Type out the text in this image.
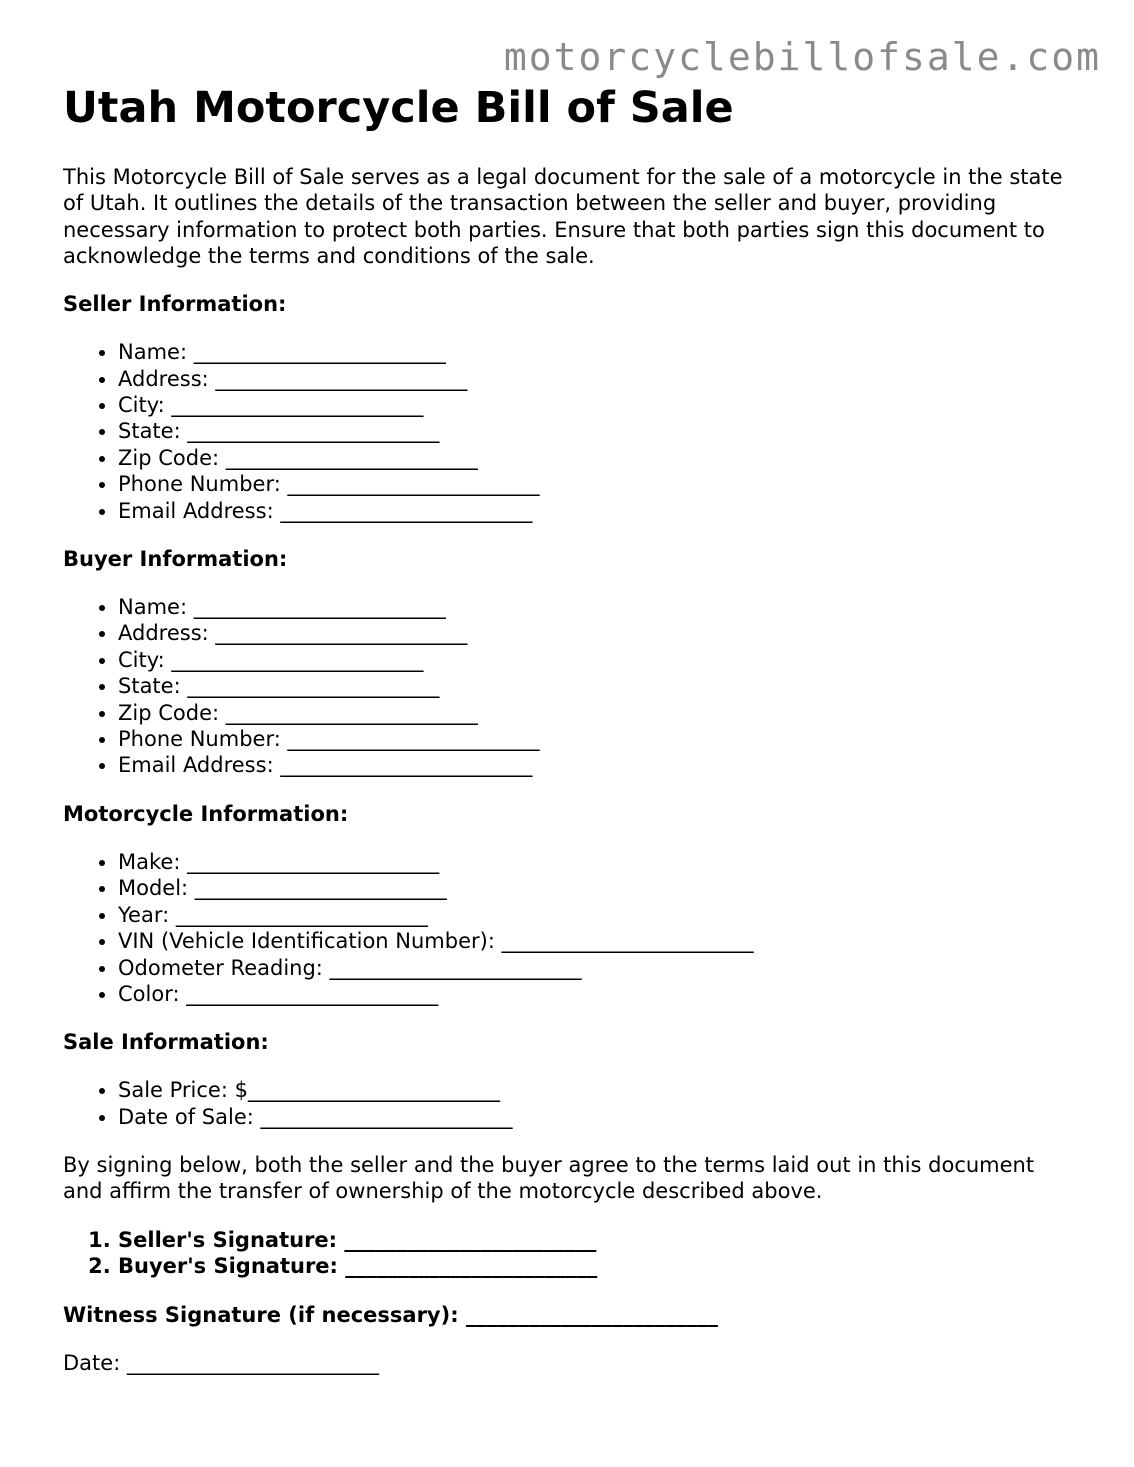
motorcyclebillofsale.com
Utah Motorcycle Bill of Sale

This Motorcycle Bill of Sale serves as a legal document for the sale of a motorcycle in the state of Utah. It outlines the details of the transaction between the seller and buyer, providing necessary information to protect both parties. Ensure that both parties sign this document to acknowledge the terms and conditions of the sale.

Seller Information:
• Name: ________________________
• Address: ________________________
• City: ________________________
• State: ________________________
• Zip Code: ________________________
• Phone Number: ________________________
• Email Address: ________________________
Buyer Information:
• Name: ________________________
• Address: ________________________
• City: ________________________
• State: ________________________
• Zip Code: ________________________
• Phone Number: ________________________
• Email Address: ________________________
Motorcycle Information:
• Make: ________________________
• Model: ________________________
• Year: ________________________
• VIN (Vehicle Identification Number): ________________________
• Odometer Reading: ________________________
• Color: ________________________
Sale Information:
• Sale Price: $________________________
• Date of Sale: ________________________

By signing below, both the seller and the buyer agree to the terms laid out in this document and affirm the transfer of ownership of the motorcycle described above.

1. Seller's Signature: ________________________
2. Buyer's Signature: ________________________
Witness Signature (if necessary): ________________________
Date: ________________________
